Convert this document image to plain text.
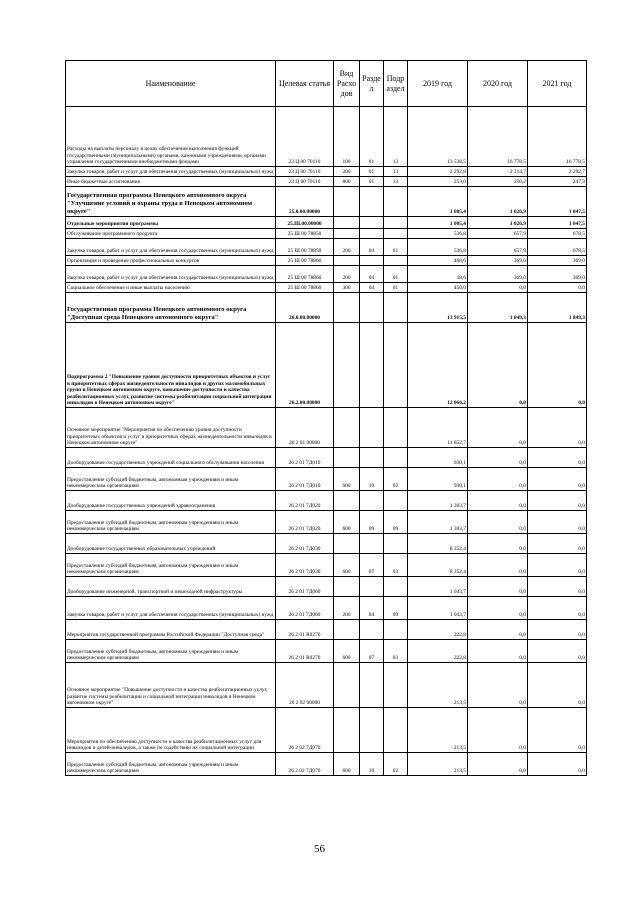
Наименование	Целевая статья	Вид Расхо дов	Разде л	Подр аздел	2019 год	2020 год	2021 год
Расходы на выплаты персоналу в целях обеспечения выполнения функций государственными (муниципальными) органами, казенными учреждениями, органами управления государственными внебюджетными фондами	23 Ц 00 70110	100	01	13	13 538,5	16 778,5	16 778,5
Закупка товаров, работ и услуг для обеспечения государственных (муниципальных) нужд	23 Ц 00 70110	200	01	13	2 292,8	2 314,7	2 292,7
Иные бюджетные ассигнования	23 Ц 00 70110	800	01	13	253,0	250,2	247,3
Государственная программа Ненецкого автономного округа "Улучшение условий и охраны труда в Ненецком автономном округе"	25.0.00.00000				1 005,4	1 026,9	1 047,5
Отдельные мероприятия программы	25.Ш.00.00000				1 005,4	1 026,9	1 047,5
Обслуживание программного продукта	25 Ш 00 78850				536,8	657,9	678,5
Закупка товаров, работ и услуг для обеспечения государственных (муниципальных) нужд	25 Ш 00 78850	200	04	01	536,8	657,9	678,5
Организация и проведение профессиональных конкурсов	25 Ш 00 78860				468,6	369,0	369,0
Закупка товаров, работ и услуг для обеспечения государственных (муниципальных) нужд	25 Ш 00 78860	200	04	01	18,6	369,0	369,0
Социальное обеспечение и иные выплаты населению	25 Ш 00 78860	300	04	01	450,0	0,0	0,0
Государственная программа Ненецкого автономного округа "Доступная среда Ненецкого автономного округа"	26.0.00.00000				13 915,5	1 849,3	1 849,3
Подпрограмма 2 "Повышение уровня доступности приоритетных объектов и услуг в приоритетных сферах жизнедеятельности инвалидов и других маломобильных групп в Ненецком автономном округе, повышение доступности и качества реабилитационных услуг, развитие системы реабилитации социальной интеграции инвалидов в Ненецком автономном округе"	26.2.00.00000				12 066,2	0,0	0,0
Основное мероприятие "Мероприятия по обеспечению уровня доступности приоритетных объектов и услуг в приоритетных сферах жизнедеятельности инвалидов в Ненецком автономном округе"	26 2 01 00000				11 852,7	0,0	0,0
Дооборудование государственных учреждений социального обслуживания населения	26 2 01 7Д010				930,1	0,0	0,0
Предоставление субсидий бюджетным, автономным учреждениям и иным некоммерческим организациям	26 2 01 7Д010	600	10	02	930,1	0,0	0,0
Дооборудование государственных учреждений здравоохранения	26 2 01 7Д020				1 303,7	0,0	0,0
Предоставление субсидий бюджетным, автономным учреждениям и иным некоммерческим организациям	26 2 01 7Д020	600	09	09	1 303,7	0,0	0,0
Дооборудование государственных образовательных учреждений	26 2 01 7Д030				8 352,4	0,0	0,0
Предоставление субсидий бюджетным, автономным учреждениям и иным некоммерческим организациям	26 2 01 7Д030	600	07	03	8 352,4	0,0	0,0
Дооборудование инженерной, транспортной и пешеходной инфраструктуры	26 2 01 7Д060				1 043,7	0,0	0,0
Закупка товаров, работ и услуг для обеспечения государственных (муниципальных) нужд	26 2 01 7Д060	200	04	09	1 043,7	0,0	0,0
Мероприятия государственной программы Российской Федерации "Доступная среда"	26 2 01 R0270				222,8	0,0	0,0
Предоставление субсидий бюджетным, автономным учреждениям и иным некоммерческим организациям	26 2 01 R0270	600	07	03	222,8	0,0	0,0
Основное мероприятие "Повышение доступности и качества реабилитационных услуг, развитие системы реабилитации и социальной интеграции инвалидов в Ненецком автономном округе"	26 2 02 00000				213,5	0,0	0,0
Мероприятия по обеспечению доступности и качества реабилитационных услуг для инвалидов и детей-инвалидов, а также по содействию их социальной интеграции	26 2 02 7Д070				213,5	0,0	0,0
Предоставление субсидий бюджетным, автономным учреждениям и иным некоммерческим организациям	26 2 02 7Д070	600	10	02	213,5	0,0	0,0
56
